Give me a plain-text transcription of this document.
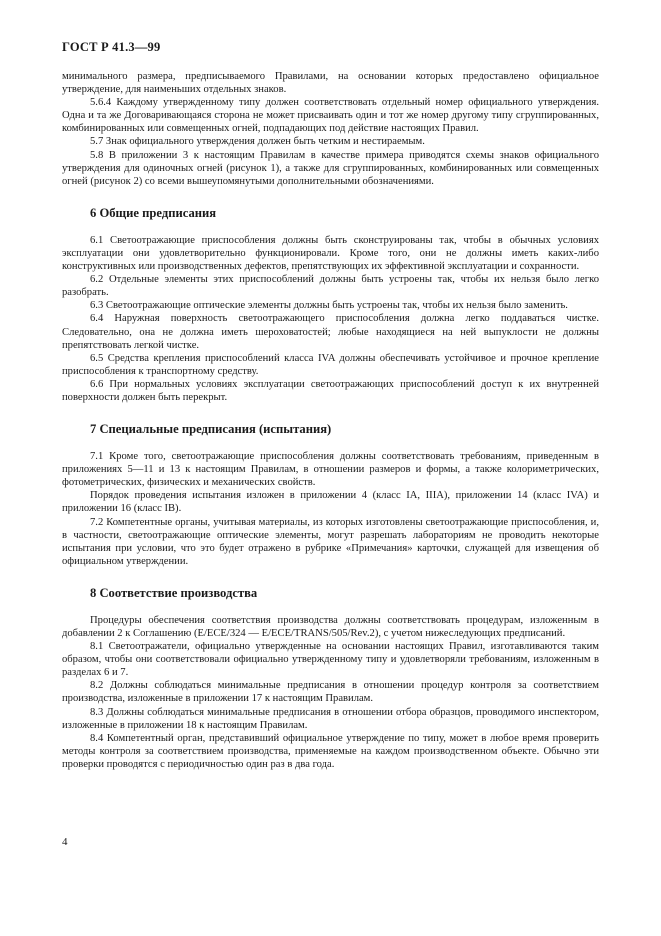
ГОСТ Р 41.3—99

минимального размера, предписываемого Правилами, на основании которых предоставлено официальное утверждение, для наименьших отдельных знаков.

5.6.4 Каждому утвержденному типу должен соответствовать отдельный номер официального утверждения. Одна и та же Договаривающаяся сторона не может присваивать один и тот же номер другому типу сгруппированных, комбинированных или совмещенных огней, подпадающих под действие настоящих Правил.

5.7 Знак официального утверждения должен быть четким и нестираемым.

5.8 В приложении 3 к настоящим Правилам в качестве примера приводятся схемы знаков официального утверждения для одиночных огней (рисунок 1), а также для сгруппированных, комбинированных или совмещенных огней (рисунок 2) со всеми вышеупомянутыми дополнительными обозначениями.

6 Общие предписания

6.1 Светоотражающие приспособления должны быть сконструированы так, чтобы в обычных условиях эксплуатации они удовлетворительно функционировали. Кроме того, они не должны иметь каких-либо конструктивных или производственных дефектов, препятствующих их эффективной эксплуатации и сохранности.

6.2 Отдельные элементы этих приспособлений должны быть устроены так, чтобы их нельзя было легко разобрать.

6.3 Светоотражающие оптические элементы должны быть устроены так, чтобы их нельзя было заменить.

6.4 Наружная поверхность светоотражающего приспособления должна легко поддаваться чистке. Следовательно, она не должна иметь шероховатостей; любые находящиеся на ней выпуклости не должны препятствовать легкой чистке.

6.5 Средства крепления приспособлений класса IVA должны обеспечивать устойчивое и прочное крепление приспособления к транспортному средству.

6.6 При нормальных условиях эксплуатации светоотражающих приспособлений доступ к их внутренней поверхности должен быть перекрыт.

7 Специальные предписания (испытания)

7.1 Кроме того, светоотражающие приспособления должны соответствовать требованиям, приведенным в приложениях 5—11 и 13 к настоящим Правилам, в отношении размеров и формы, а также колориметрических, фотометрических, физических и механических свойств.

Порядок проведения испытания изложен в приложении 4 (класс IA, IIIA), приложении 14 (класс IVA) и приложении 16 (класс IB).

7.2 Компетентные органы, учитывая материалы, из которых изготовлены светоотражающие приспособления, и, в частности, светоотражающие оптические элементы, могут разрешать лабораториям не проводить некоторые испытания при условии, что это будет отражено в рубрике «Примечания» карточки, служащей для извещения об официальном утверждении.

8 Соответствие производства

Процедуры обеспечения соответствия производства должны соответствовать процедурам, изложенным в добавлении 2 к Соглашению (E/ECE/324 — E/ECE/TRANS/505/Rev.2), с учетом нижеследующих предписаний.

8.1 Светоотражатели, официально утвержденные на основании настоящих Правил, изготавливаются таким образом, чтобы они соответствовали официально утвержденному типу и удовлетворяли требованиям, изложенным в разделах 6 и 7.

8.2 Должны соблюдаться минимальные предписания в отношении процедур контроля за соответствием производства, изложенные в приложении 17 к настоящим Правилам.

8.3 Должны соблюдаться минимальные предписания в отношении отбора образцов, проводимого инспектором, изложенные в приложении 18 к настоящим Правилам.

8.4 Компетентный орган, представивший официальное утверждение по типу, может в любое время проверить методы контроля за соответствием производства, применяемые на каждом производственном объекте. Обычно эти проверки проводятся с периодичностью один раз в два года.

4
